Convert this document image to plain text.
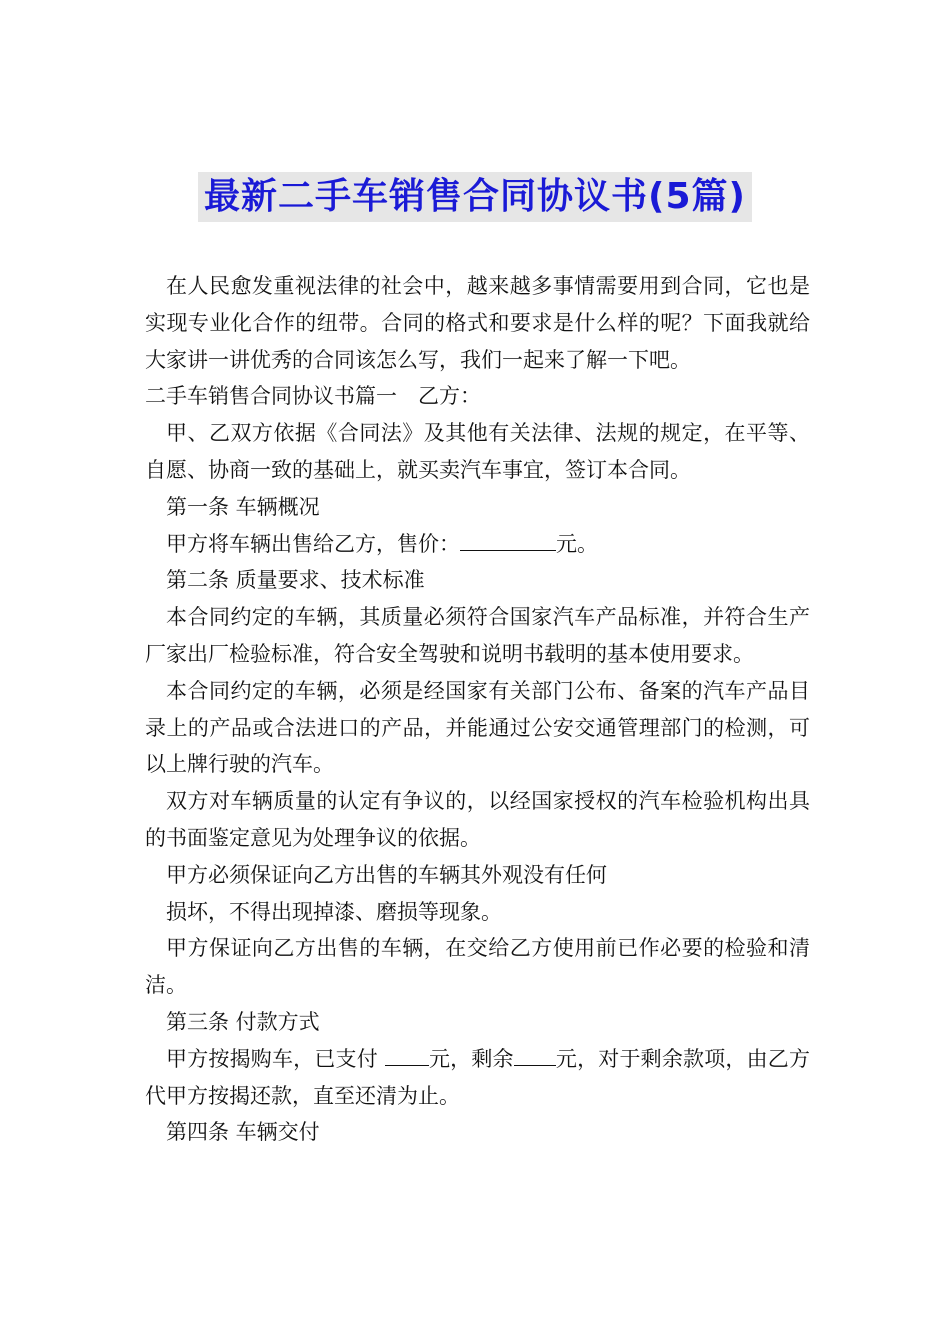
最新二手车销售合同协议书(5篇)

在人民愈发重视法律的社会中，越来越多事情需要用到合同，它也是实现专业化合作的纽带。合同的格式和要求是什么样的呢？下面我就给大家讲一讲优秀的合同该怎么写，我们一起来了解一下吧。

二手车销售合同协议书篇一　乙方：

甲、乙双方依据《合同法》及其他有关法律、法规的规定，在平等、自愿、协商一致的基础上，就买卖汽车事宜，签订本合同。

第一条 车辆概况

甲方将车辆出售给乙方，售价：	元。

第二条 质量要求、技术标准

本合同约定的车辆，其质量必须符合国家汽车产品标准，并符合生产厂家出厂检验标准，符合安全驾驶和说明书载明的基本使用要求。

本合同约定的车辆，必须是经国家有关部门公布、备案的汽车产品目录上的产品或合法进口的产品，并能通过公安交通管理部门的检测，可以上牌行驶的汽车。

双方对车辆质量的认定有争议的，以经国家授权的汽车检验机构出具的书面鉴定意见为处理争议的依据。

甲方必须保证向乙方出售的车辆其外观没有任何

损坏，不得出现掉漆、磨损等现象。

甲方保证向乙方出售的车辆，在交给乙方使用前已作必要的检验和清洁。

第三条 付款方式

甲方按揭购车，已支付 元，剩余 元，对于剩余款项，由乙方代甲方按揭还款，直至还清为止。

第四条 车辆交付
